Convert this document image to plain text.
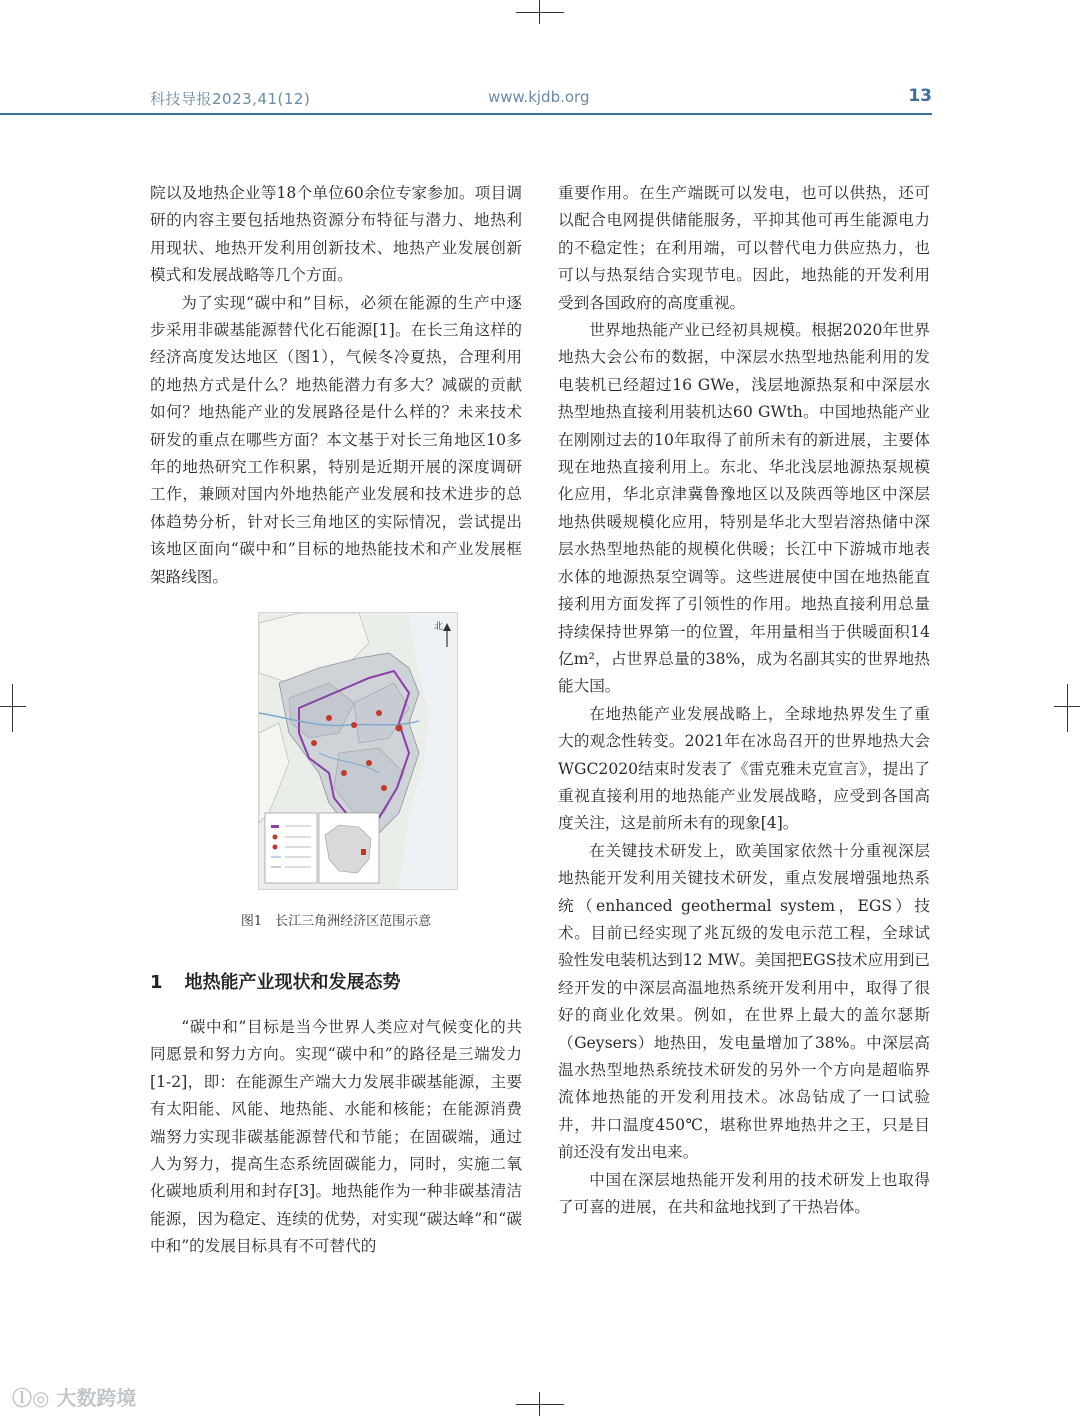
科技导报2023,41(12)	www.kjdb.org	13

院以及地热企业等18个单位60余位专家参加。项目调研的内容主要包括地热资源分布特征与潜力、地热利用现状、地热开发利用创新技术、地热产业发展创新模式和发展战略等几个方面。

为了实现“碳中和”目标，必须在能源的生产中逐步采用非碳基能源替代化石能源[1]。在长三角这样的经济高度发达地区（图1），气候冬冷夏热，合理利用的地热方式是什么？地热能潜力有多大？减碳的贡献如何？地热能产业的发展路径是什么样的？未来技术研发的重点在哪些方面？本文基于对长三角地区10多年的地热研究工作积累，特别是近期开展的深度调研工作，兼顾对国内外地热能产业发展和技术进步的总体趋势分析，针对长三角地区的实际情况，尝试提出该地区面向“碳中和”目标的地热能技术和产业发展框架路线图。

北
图1　长江三角洲经济区范围示意
1 地热能产业现状和发展态势

“碳中和”目标是当今世界人类应对气候变化的共同愿景和努力方向。实现“碳中和”的路径是三端发力[1-2]，即：在能源生产端大力发展非碳基能源，主要有太阳能、风能、地热能、水能和核能；在能源消费端努力实现非碳基能源替代和节能；在固碳端，通过人为努力，提高生态系统固碳能力，同时，实施二氧化碳地质利用和封存[3]。地热能作为一种非碳基清洁能源，因为稳定、连续的优势，对实现“碳达峰”和“碳中和”的发展目标具有不可替代的

重要作用。在生产端既可以发电，也可以供热，还可以配合电网提供储能服务，平抑其他可再生能源电力的不稳定性；在利用端，可以替代电力供应热力，也可以与热泵结合实现节电。因此，地热能的开发利用受到各国政府的高度重视。

世界地热能产业已经初具规模。根据2020年世界地热大会公布的数据，中深层水热型地热能利用的发电装机已经超过16 GWe，浅层地源热泵和中深层水热型地热直接利用装机达60 GWth。中国地热能产业在刚刚过去的10年取得了前所未有的新进展，主要体现在地热直接利用上。东北、华北浅层地源热泵规模化应用，华北京津冀鲁豫地区以及陕西等地区中深层地热供暖规模化应用，特别是华北大型岩溶热储中深层水热型地热能的规模化供暖；长江中下游城市地表水体的地源热泵空调等。这些进展使中国在地热能直接利用方面发挥了引领性的作用。地热直接利用总量持续保持世界第一的位置，年用量相当于供暖面积14亿m²，占世界总量的38%，成为名副其实的世界地热能大国。

在地热能产业发展战略上，全球地热界发生了重大的观念性转变。2021年在冰岛召开的世界地热大会WGC2020结束时发表了《雷克雅未克宣言》，提出了重视直接利用的地热能产业发展战略，应受到各国高度关注，这是前所未有的现象[4]。

在关键技术研发上，欧美国家依然十分重视深层地热能开发利用关键技术研发，重点发展增强地热系统（enhanced geothermal system，EGS）技术。目前已经实现了兆瓦级的发电示范工程，全球试验性发电装机达到12 MW。美国把EGS技术应用到已经开发的中深层高温地热系统开发利用中，取得了很好的商业化效果。例如，在世界上最大的盖尔瑟斯（Geysers）地热田，发电量增加了38%。中深层高温水热型地热系统技术研发的另外一个方向是超临界流体地热能的开发利用技术。冰岛钻成了一口试验井，井口温度450℃，堪称世界地热井之王，只是目前还没有发出电来。

中国在深层地热能开发利用的技术研发上也取得了可喜的进展，在共和盆地找到了干热岩体。

ⓛ◎ 大数跨境
